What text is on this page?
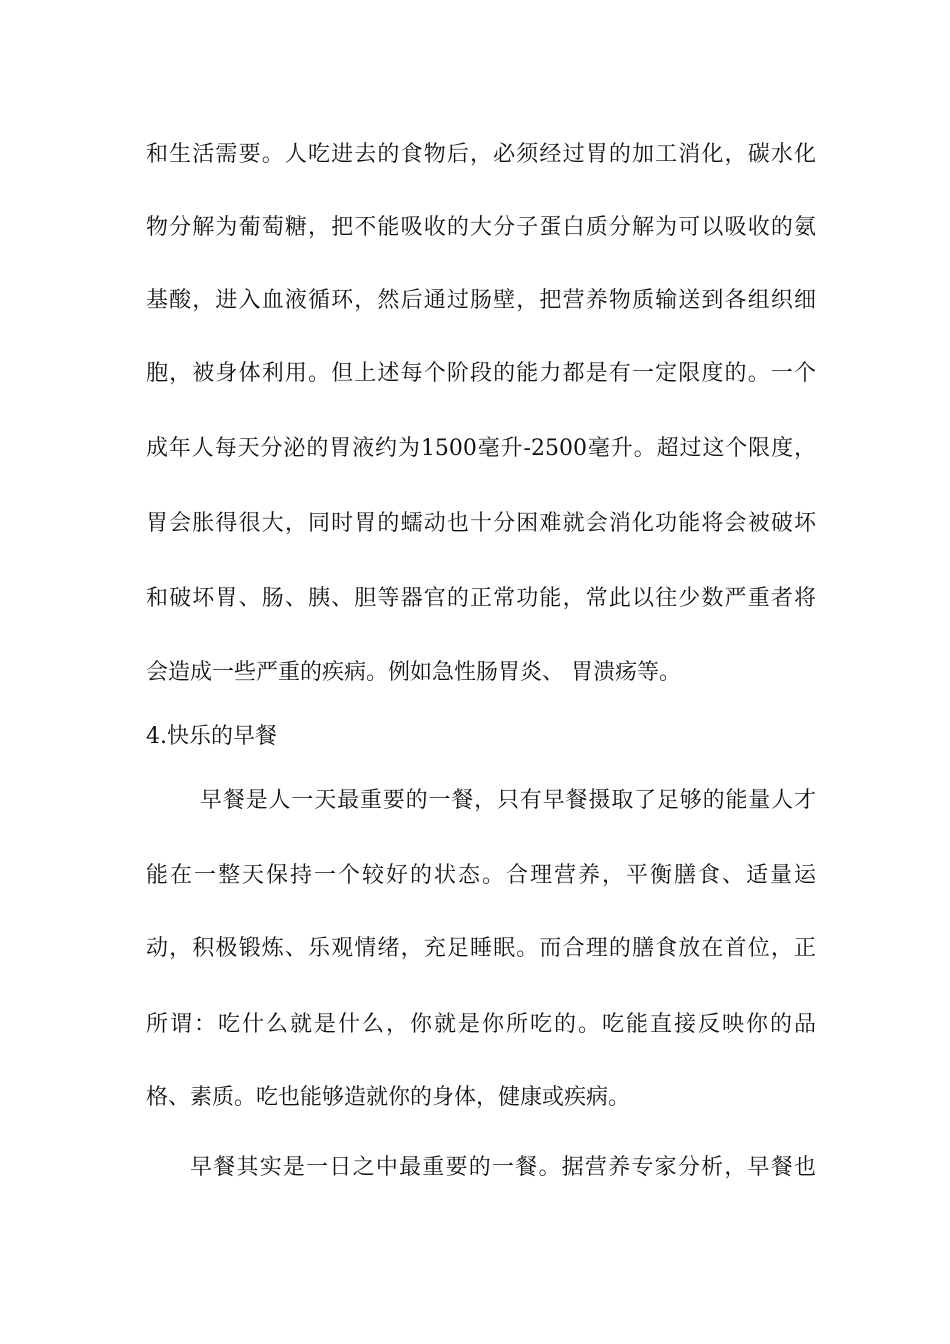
和生活需要。人吃进去的食物后，必须经过胃的加工消化，碳水化
物分解为葡萄糖，把不能吸收的大分子蛋白质分解为可以吸收的氨
基酸，进入血液循环，然后通过肠壁，把营养物质输送到各组织细
胞，被身体利用。但上述每个阶段的能力都是有一定限度的。一个
成年人每天分泌的胃液约为1500毫升-2500毫升。超过这个限度，
胃会胀得很大，同时胃的蠕动也十分困难就会消化功能将会被破坏
和破坏胃、肠、胰、胆等器官的正常功能，常此以往少数严重者将
会造成一些严重的疾病。例如急性肠胃炎、 胃溃疡等。
4.快乐的早餐
早餐是人一天最重要的一餐，只有早餐摄取了足够的能量人才
能在一整天保持一个较好的状态。合理营养，平衡膳食、适量运
动，积极锻炼、乐观情绪，充足睡眠。而合理的膳食放在首位，正
所谓：吃什么就是什么，你就是你所吃的。吃能直接反映你的品
格、素质。吃也能够造就你的身体，健康或疾病。
早餐其实是一日之中最重要的一餐。据营养专家分析，早餐也
